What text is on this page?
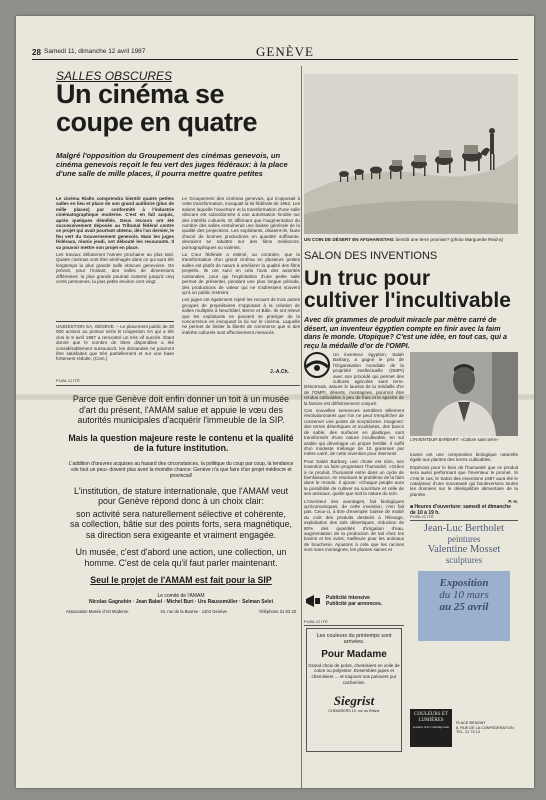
28 Samedi 11, dimanche 12 avril 1987	GENÈVE
SALLES OBSCURES
Un cinéma se
coupe en quatre
Malgré l'opposition du Groupement des cinémas genevois, un cinéma genevois reçoit le feu vert des juges fédéraux: à la place d'une salle de mille places, il pourra mettre quatre petites

Le cinéma Rialto comprendra bientôt quatre petites salles en lieu et place de son grand auditoire (plus de mille places) par conformité à l'industrie cinématographique moderne. C'est en fait acquis, après quelques démêlés. Deux recours ont été successivement déposés au Tribunal fédéral contre ce projet qui avait pourtant obtenu, dès l'an dernier, le feu vert du Gouvernement genevois. Mais les juges fédéraux, réunis jeudi, ont débouté les recourants. Il va pouvoir mettre son projet en place.

Les travaux débuteront l'année prochaine au plus tard. Quatre cinémas vont être aménagés dans ce qui aura été longtemps la plus grande salle obscure genevoise. On prévoit, pour l'instant, des salles de dimensions différentes: la plus grande pourrait contenir jusqu'à cinq cents personnes, la plus petite environ cent vingt.

UNIGESTION SA, GENÈVE. – Le placement public de 28 000 actions au porteur série B Unigestion SA qui a été clos le 9 avril 1987 a rencontré un très vif succès. Étant donné que le nombre de titres disponibles a été considérablement sursouscrit, les demandes ne pourront être satisfaites que très partiellement et sur une base fortement réduite. (Com.)

Le Groupement des cinémas genevois, qui s'opposait à cette transformation, invoquait la loi fédérale de 1962. Les salons laquelle l'ouverture et la transformation d'une salle obscure est subordonnée à une autorisation fondée sur des intérêts culturels. Et affirmant que l'augmentation du nombre des salles entraînerait une baisse générale de la qualité des projections. Les exploitants, disaient-ils, faute d'avoir de bonnes productions en quantité suffisante, devraient se rabattre sur des films médiocres, pornographiques ou violents.

La Cour fédérale a estimé, au contraire, que la transformation d'un grand cinéma en plusieurs petites salles est plutôt de nature à améliorer la qualité des films projetés. Ils ont suivi en cela l'avis des autorités cantonales, pour qui l'exploitation d'une petite salle permet de présenter, pendant une plus longue période, des productions de valeur qui ne s'adressent souvent qu'à un public restreint.

Les juges ont également rejeté les recours de trois autres groupes de propriétaires s'opposant à la création de salles multiples à Neuchâtel, Berne et Bâle. Ils ont relevé que les exploitants ne peuvent se protéger de la concurrence en invoquant la loi sur le cinéma. Laquelle ne permet de limiter la liberté de commerce que si des intérêts culturels sont effectivement menacés.

J.-A.Ch.
PUBLICITÉ
Parce que Genève doit enfin donner un toit à un musée d'art du présent, l'AMAM salue et appuie le vœu des autorités municipales d'acquérir l'immeuble de la SIP.
Mais la question majeure reste le contenu et la qualité de la future institution.
L'addition d'œuvres acquises au hasard des circonstances, la politique du coup par coup, la tendance «de tout un peu» doivent plus avoir la moindre chance: Genève n'a que faire d'un projet médiocre et provincial!
L'institution, de stature internationale, que l'AMAM veut pour Genève répond donc à un choix clair:
son activité sera naturellement sélective et cohérente,
sa collection, bâtie sur des points forts, sera magnétique,
sa direction sera exigeante et vraiment engagée.
Un musée, c'est d'abord une action, une collection, un homme. C'est de cela qu'il faut parler maintenant.
Seul le projet de l'AMAM est fait pour la SIP
Le comité de l'AMAM
Nicolas Gagnebin · Jean Babel · Michel Buri · Urs Raussmüller · Selman Selvi
Association Musée d'Art Moderne	10, rue de la Bourse · 1204 Genève	Téléphone 21 63 33
UN COIN DE DÉSERT EN AFGHANISTAN: bientôt une terre promise? (photo Marguerite Reid-a)
SALON DES INVENTIONS
Un truc pour
cultiver l'incultivable
Avec dix grammes de produit miracle par mètre carré de désert, un inventeur égyptien compte en finir avec la faim dans le monde. Utopique? C'est une idée, en tout cas, qui a reçu la médaille d'or de l'OMPI.

Un inventeur égyptien, Salah Barbary, a gagné le prix de l'Organisation mondiale de la propriété intellectuelle (OMPI) avec son procédé qui permet des cultures agricoles sans terre. Désormais, assure le lauréat de la médaille d'or de l'OMPI, déserts, montagnes, pourront être rendus cultivables à peu de frais et le spectre de la famine est définitivement conjuré.

Ces nouvelles semences semblent tellement révolutionnaires que l'on ne peut s'empêcher de conserver une pointe de scepticisme. Imaginez: des terres désertiques et incultivées, des bancs de sable, des surfaces en plastique, sont transformés d'une nature incultivable, en sol arable qui développe un propre fertilité. Il suffit d'un modeste mélange de 10 grammes par mètre carré, de cette invention pour intervenir.

Pour Salah Barbary, une chose est sûre, son invention va faire progresser l'humanité: «Grâce à ce produit, l'humanité entre dans un cycle de bienfaisance, en résolvant le problème de la faim dans le monde. Il ajoute: «Chaque peuple aura la possibilité de cultiver sa nourriture et celle de ses animaux, quelle que soit la nature du sol».

L'inventeur des avantages, fait biologiques qu'économiques, de cette invention, n'en fait pas. Ceux-ci, à titre d'exemple: baisse de moitié du coût des produits destinés à l'élevage, exploitation des sols désertiques, réduction de 80% des quantités d'irrigation d'eau, augmentation de la production de lait chez les bovins et les ovins, meilleure pour les animaux de boucherie. Ajoutons à cela que les racines sont sans montagnes, les plantes saines et

L'INVENTEUR BARBARY: «Culture sans terre»

toutes ont une composition biologique naturelle égale aux plantes des terres cultivables.

Espérons pour le bien de l'humanité que ce produit sera aussi performant que l'inventeur le promet. Si c'est le cas, le Salon des Inventions 1987 aura été le catalyseur d'une nouveauté qui bouleversera toutes les données sur le déséquilibre alimentaire de la planète.

P. H.

■ Heures d'ouverture: samedi et dimanche de 10 à 19 h.
Publicité intensive
Publicité par annonces.
PUBLICITÉ
Les couleurs du printemps sont arrivées.
Pour Madame
Grand choix de polos, chemisiers en voile de coton ou polyester. Ensembles jupes et chemisiers ... et toujours nos pulovers pur cachemire.
Siegrist
CHEMISIERS 19, rue du Rhône
PUBLICITÉ
Jean-Luc Bertholet
peintures
Valentine Mosset
sculptures
Exposition
du 10 mars
au 25 avril
COULEURS ET LUMIÈRES
Galerie d'art contemporain
PLACE BEMONT
8, RUE DE LA CONFEDERATION
TEL. 21 74 13
